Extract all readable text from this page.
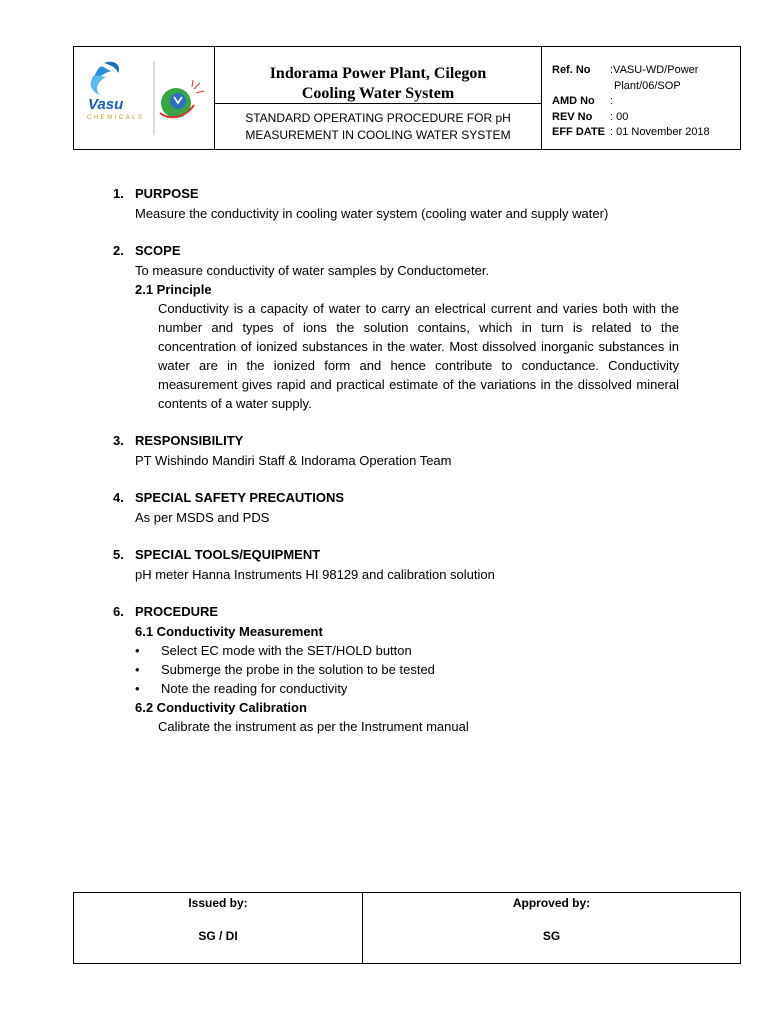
Vasu
CHEMICALS

Indorama Power Plant, Cilegon
Cooling Water System
STANDARD OPERATING PROCEDURE FOR pH
MEASUREMENT IN COOLING WATER SYSTEM

Ref. No	:VASU-WD/Power
Plant/06/SOP
AMD No	:
REV No	: 00
EFF DATE : 01 November 2018
1. PURPOSE
Measure the conductivity in cooling water system (cooling water and supply water)
2. SCOPE
To measure conductivity of water samples by Conductometer.
2.1 Principle
Conductivity is a capacity of water to carry an electrical current and varies both with the number and types of ions the solution contains, which in turn is related to the concentration of ionized substances in the water. Most dissolved inorganic substances in water are in the ionized form and hence contribute to conductance. Conductivity measurement gives rapid and practical estimate of the variations in the dissolved mineral contents of a water supply.
3. RESPONSIBILITY
PT Wishindo Mandiri Staff & Indorama Operation Team
4. SPECIAL SAFETY PRECAUTIONS
As per MSDS and PDS
5. SPECIAL TOOLS/EQUIPMENT
pH meter Hanna Instruments HI 98129 and calibration solution
6. PROCEDURE
6.1 Conductivity Measurement
•	Select EC mode with the SET/HOLD button
•	Submerge the probe in the solution to be tested
•	Note the reading for conductivity
6.2 Conductivity Calibration
Calibrate the instrument as per the Instrument manual
Issued by:
SG / DI

Approved by:
SG
